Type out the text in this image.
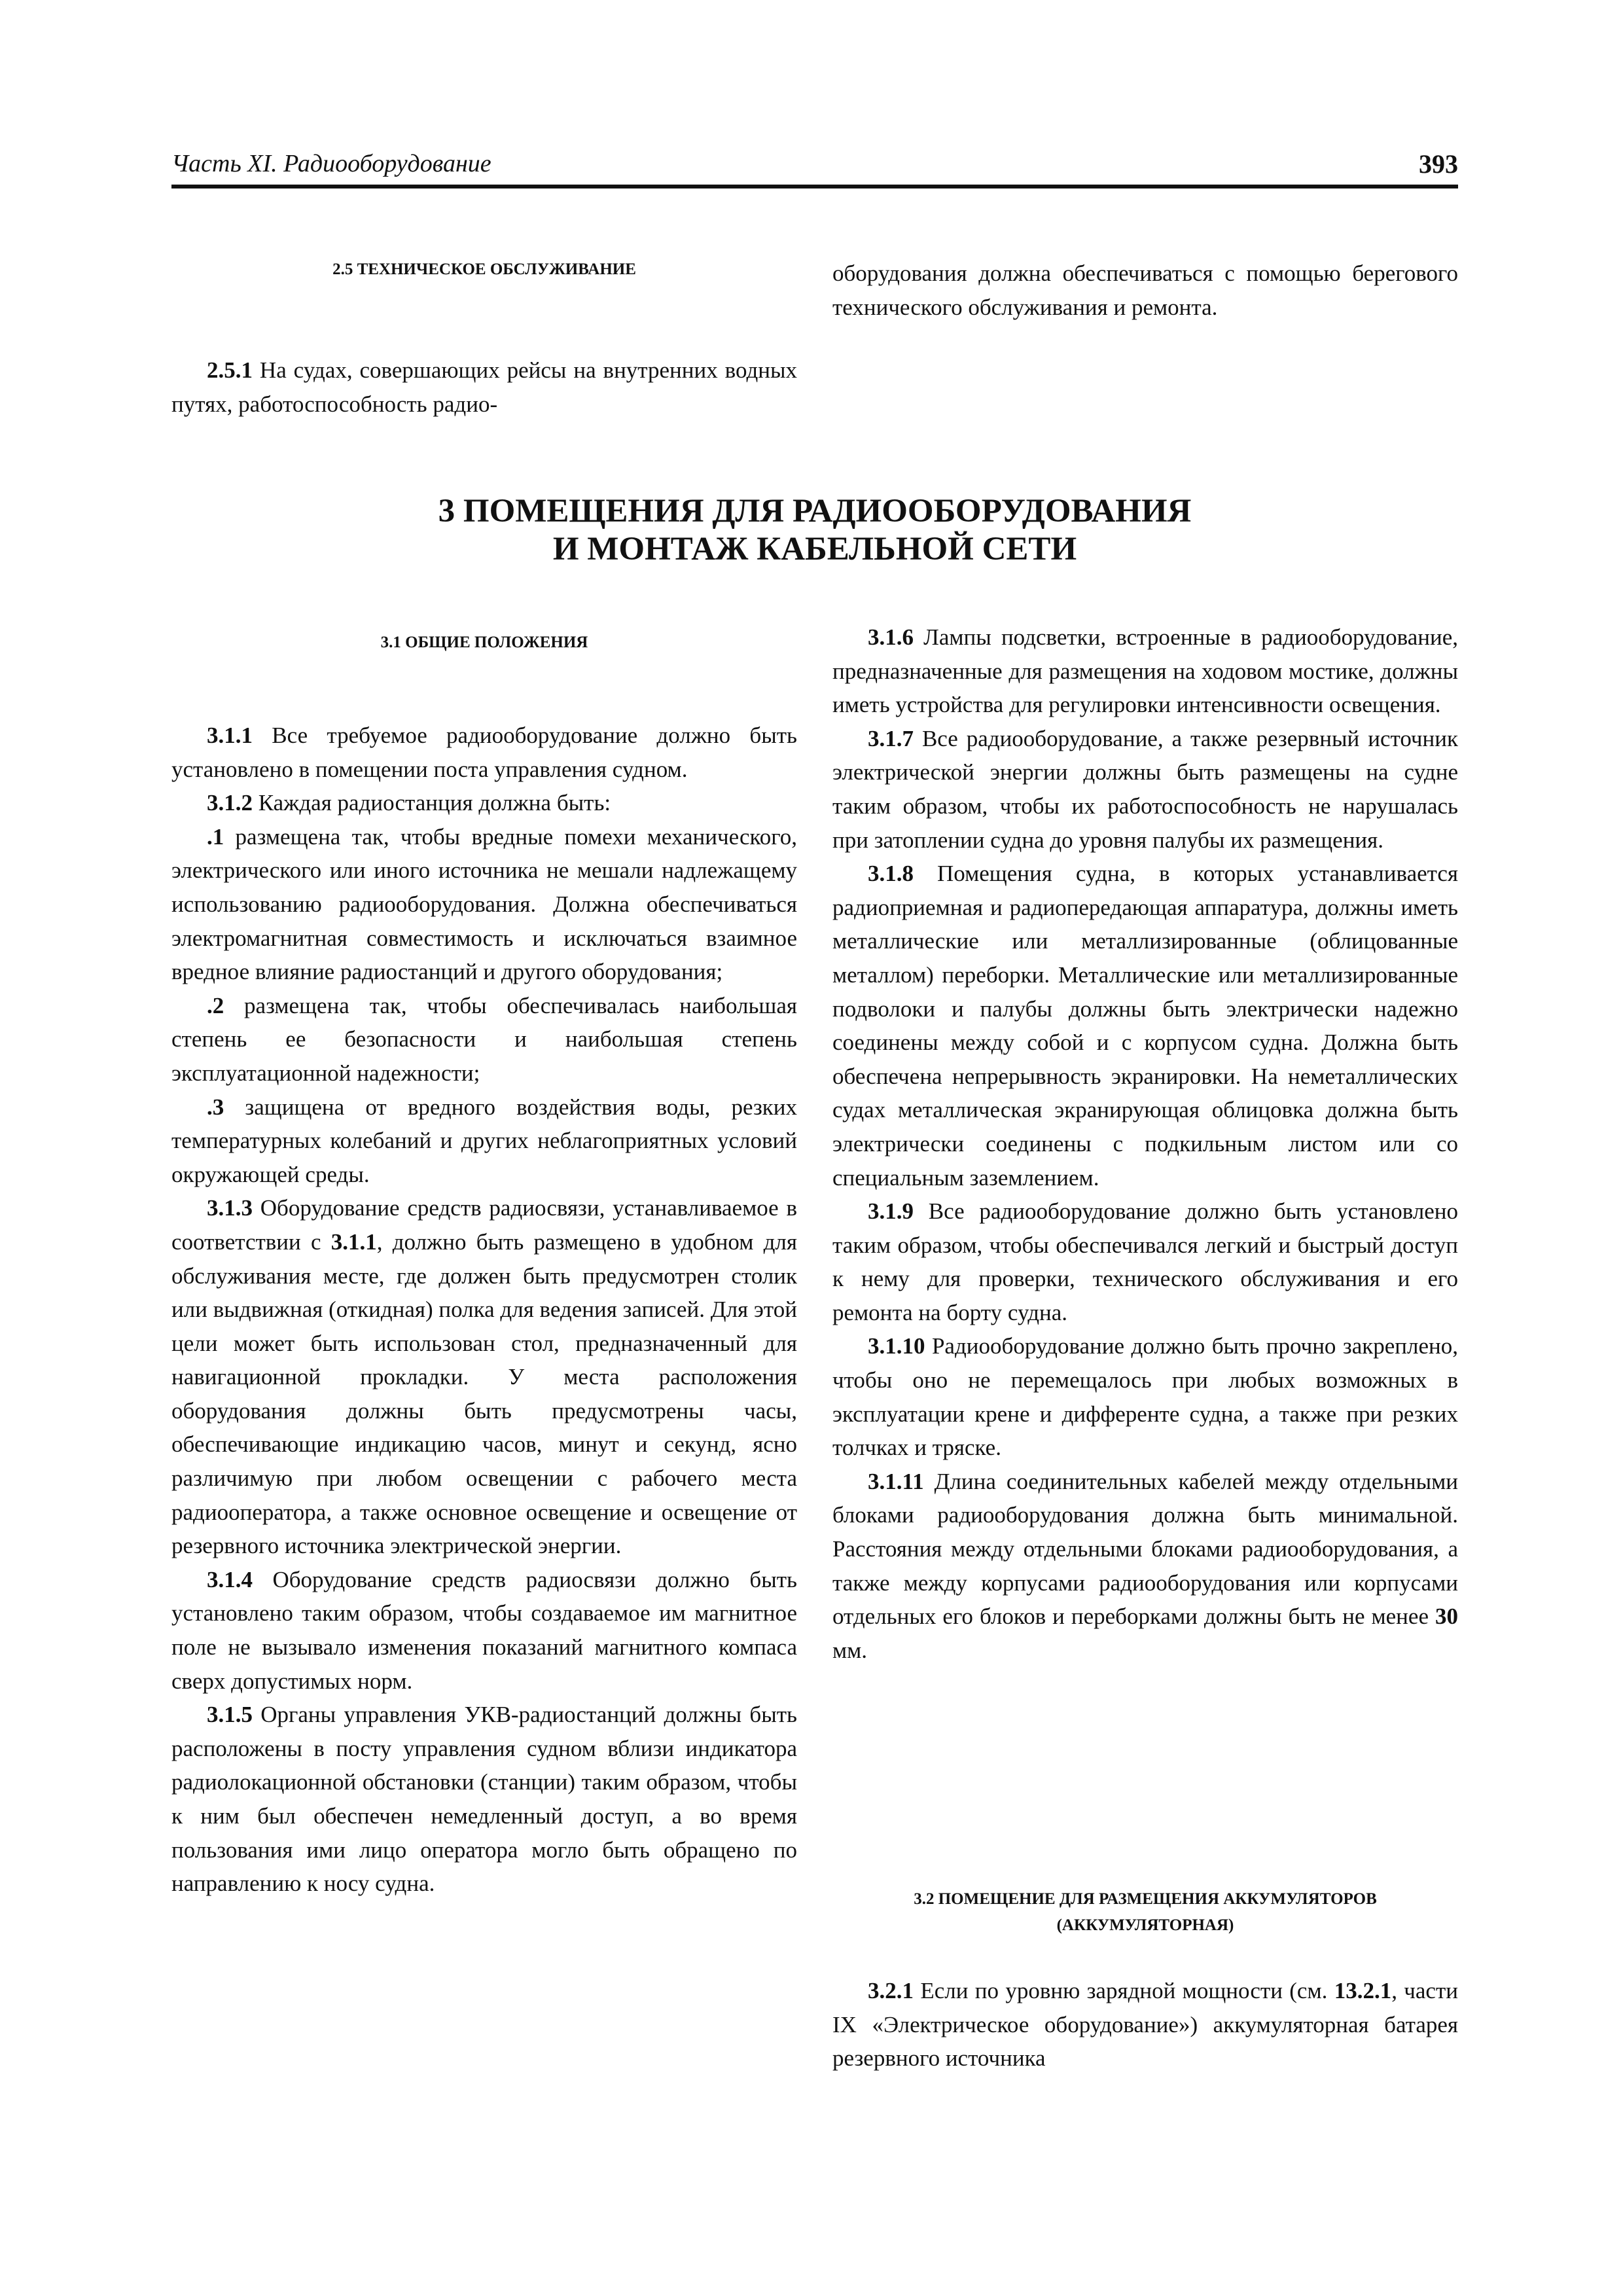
Часть XI. Радиооборудование	393
2.5 ТЕХНИЧЕСКОЕ ОБСЛУЖИВАНИЕ

2.5.1 На судах, совершающих рейсы на внутренних водных путях, работоспособность радио-

оборудования должна обеспечиваться с помощью берегового технического обслуживания и ремонта.

3 ПОМЕЩЕНИЯ ДЛЯ РАДИООБОРУДОВАНИЯ
И МОНТАЖ КАБЕЛЬНОЙ СЕТИ
3.1 ОБЩИЕ ПОЛОЖЕНИЯ

3.1.1 Все требуемое радиооборудование должно быть установлено в помещении поста управления судном.

3.1.2 Каждая радиостанция должна быть:

.1 размещена так, чтобы вредные помехи механического, электрического или иного источника не мешали надлежащему использованию радиооборудования. Должна обеспечиваться электромагнитная совместимость и исключаться взаимное вредное влияние радиостанций и другого оборудования;

.2 размещена так, чтобы обеспечивалась наибольшая степень ее безопасности и наибольшая степень эксплуатационной надежности;

.3 защищена от вредного воздействия воды, резких температурных колебаний и других неблагоприятных условий окружающей среды.

3.1.3 Оборудование средств радиосвязи, устанавливаемое в соответствии с 3.1.1, должно быть размещено в удобном для обслуживания месте, где должен быть предусмотрен столик или выдвижная (откидная) полка для ведения записей. Для этой цели может быть использован стол, предназначенный для навигационной прокладки. У места расположения оборудования должны быть предусмотрены часы, обеспечивающие индикацию часов, минут и секунд, ясно различимую при любом освещении с рабочего места радиооператора, а также основное освещение и освещение от резервного источника электрической энергии.

3.1.4 Оборудование средств радиосвязи должно быть установлено таким образом, чтобы создаваемое им магнитное поле не вызывало изменения показаний магнитного компаса сверх допустимых норм.

3.1.5 Органы управления УКВ-радиостанций должны быть расположены в посту управления судном вблизи индикатора радиолокационной обстановки (станции) таким образом, чтобы к ним был обеспечен немедленный доступ, а во время пользования ими лицо оператора могло быть обращено по направлению к носу судна.

3.1.6 Лампы подсветки, встроенные в радиооборудование, предназначенные для размещения на ходовом мостике, должны иметь устройства для регулировки интенсивности освещения.

3.1.7 Все радиооборудование, а также резервный источник электрической энергии должны быть размещены на судне таким образом, чтобы их работоспособность не нарушалась при затоплении судна до уровня палубы их размещения.

3.1.8 Помещения судна, в которых устанавливается радиоприемная и радиопередающая аппаратура, должны иметь металлические или металлизированные (облицованные металлом) переборки. Металлические или металлизированные подволоки и палубы должны быть электрически надежно соединены между собой и с корпусом судна. Должна быть обеспечена непрерывность экранировки. На неметаллических судах металлическая экранирующая облицовка должна быть электрически соединены с подкильным листом или со специальным заземлением.

3.1.9 Все радиооборудование должно быть установлено таким образом, чтобы обеспечивался легкий и быстрый доступ к нему для проверки, технического обслуживания и его ремонта на борту судна.

3.1.10 Радиооборудование должно быть прочно закреплено, чтобы оно не перемещалось при любых возможных в эксплуатации крене и дифференте судна, а также при резких толчках и тряске.

3.1.11 Длина соединительных кабелей между отдельными блоками радиооборудования должна быть минимальной. Расстояния между отдельными блоками радиооборудования, а также между корпусами радиооборудования или корпусами отдельных его блоков и переборками должны быть не менее 30 мм.

3.2 ПОМЕЩЕНИЕ ДЛЯ РАЗМЕЩЕНИЯ АККУМУЛЯТОРОВ
(АККУМУЛЯТОРНАЯ)

3.2.1 Если по уровню зарядной мощности (см. 13.2.1, части IX «Электрическое оборудование») аккумуляторная батарея резервного источника
